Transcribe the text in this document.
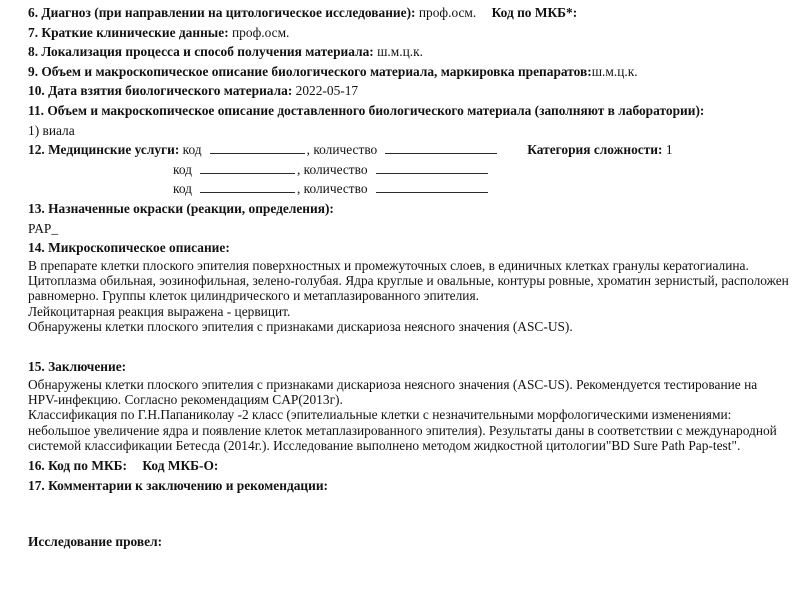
6. Диагноз (при направлении на цитологическое исследование): проф.осм. Код по МКБ*:
7. Краткие клинические данные: проф.осм.
8. Локализация процесса и способ получения материала: ш.м.ц.к.
9. Объем и макроскопическое описание биологического материала, маркировка препаратов:ш.м.ц.к.
10. Дата взятия биологического материала: 2022-05-17
11. Объем и макроскопическое описание доставленного биологического материала (заполняют в лаборатории):
1) виала
12. Медицинские услуги: код	, количество	Категория сложности: 1
код	, количество
код	, количество
13. Назначенные окраски (реакции, определения):
PAP_
14. Микроскопическое описание:
В препарате клетки плоского эпителия поверхностных и промежуточных слоев, в единичных клетках гранулы кератогиалина.
Цитоплазма обильная, эозинофильная, зелено-голубая. Ядра круглые и овальные, контуры ровные, хроматин зернистый, расположен
равномерно. Группы клеток цилиндрического и метаплазированного эпителия.
Лейкоцитарная реакция выражена - цервицит.
Обнаружены клетки плоского эпителия с признаками дискариоза неясного значения (ASC-US).
15. Заключение:
Обнаружены клетки плоского эпителия с признаками дискариоза неясного значения (ASC-US). Рекомендуется тестирование на
HPV-инфекцию. Согласно рекомендациям CAP(2013г).
Классификация по Г.Н.Папаниколау -2 класс (эпителиальные клетки с незначительными морфологическими изменениями:
небольшое увеличение ядра и появление клеток метаплазированного эпителия). Результаты даны в соответствии с международной
системой классификации Бетесда (2014г.). Исследование выполнено методом жидкостной цитологии"BD Sure Path Pap-test".
16. Код по МКБ: Код МКБ-О:
17. Комментарии к заключению и рекомендации:
Исследование провел:
